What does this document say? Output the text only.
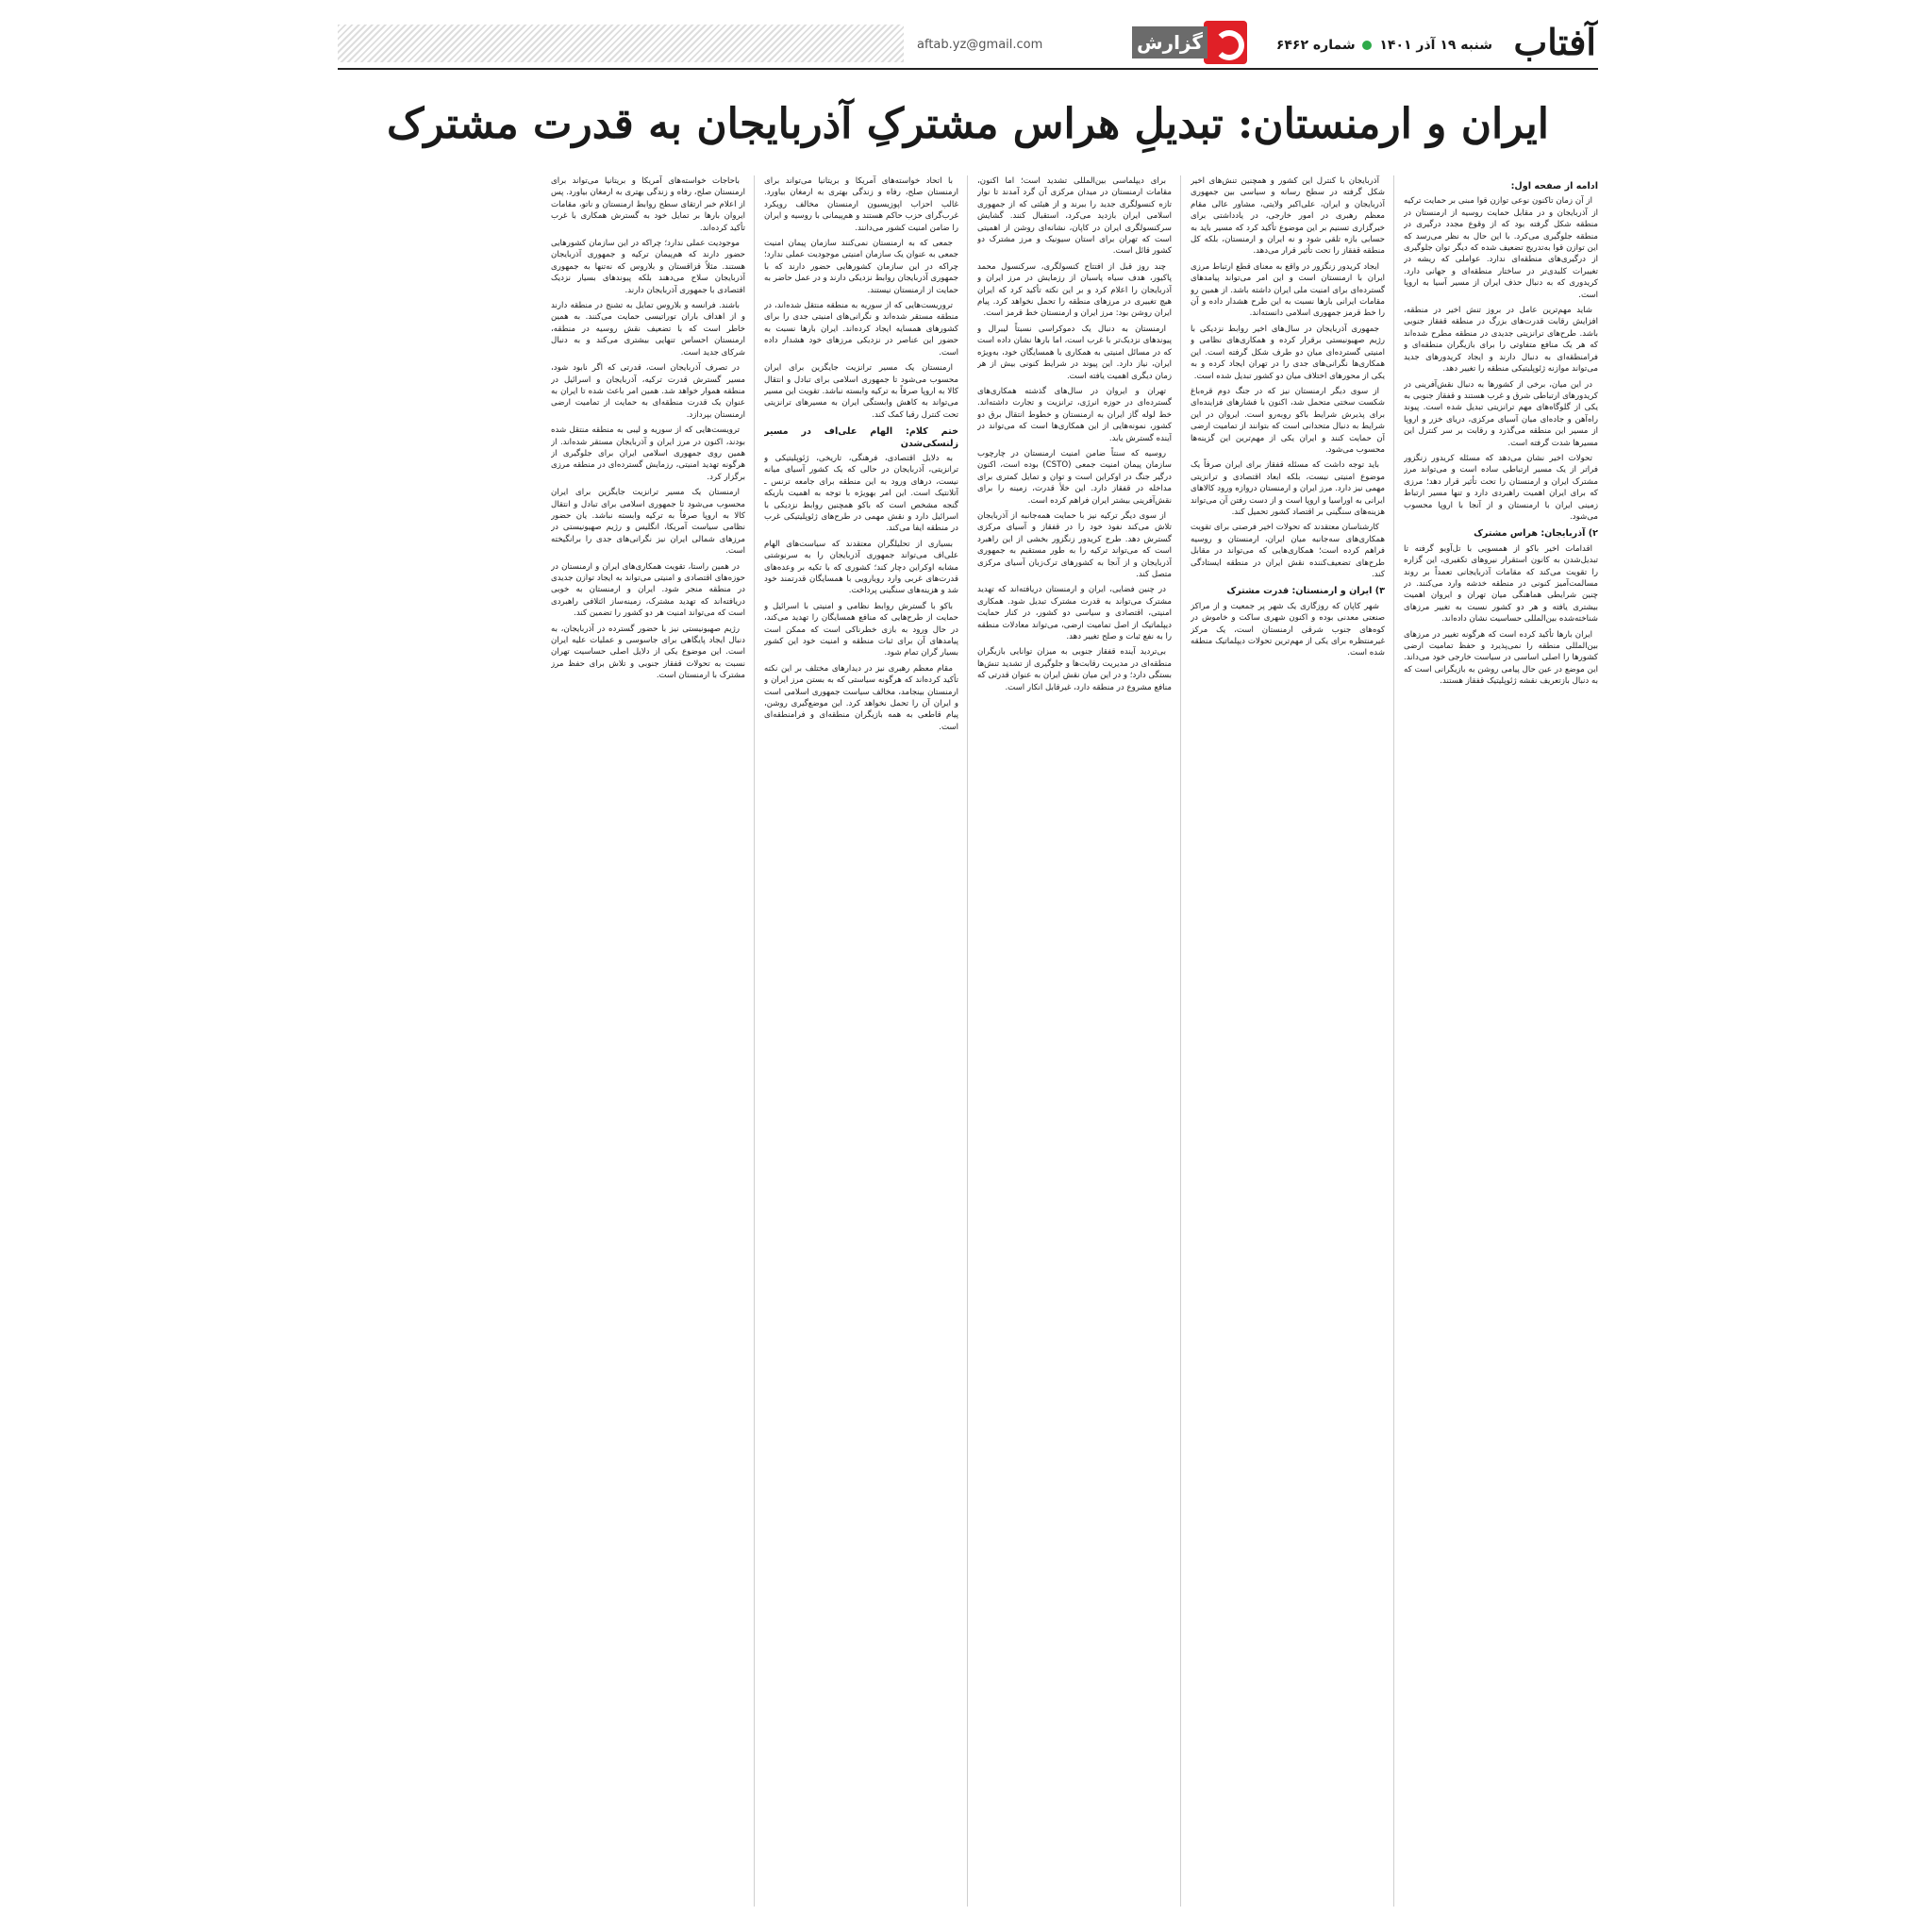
آفتاب
شنبه ۱۹ آذر ۱۴۰۱  شماره ۶۴۶۲
گزارش
aftab.yz@gmail.com
ایران و ارمنستان: تبدیلِ هراس مشترکِ آذربایجان به قدرت مشترک
ادامه از صفحه اول:

از آن زمان تاکنون نوعی توازن قوا مبنی بر حمایت ترکیه از آذربایجان و در مقابل حمایت روسیه از ارمنستان در منطقه شکل گرفته بود که از وقوع مجدد درگیری در منطقه جلوگیری می‌کرد. با این حال به نظر می‌رسد که این توازن قوا به‌تدریج تضعیف شده که دیگر توان جلوگیری از درگیری‌های منطقه‌ای ندارد. عواملی که ریشه در تغییرات کلیدی‌تر در ساختار منطقه‌ای و جهانی دارد. کریدوری که به دنبال حذف ایران از مسیر آسیا به اروپا است.

شاید مهم‌ترین عامل در بروز تنش اخیر در منطقه، افزایش رقابت قدرت‌های بزرگ در منطقه قفقاز جنوبی باشد. طرح‌های ترانزیتی جدیدی در منطقه مطرح شده‌اند که هر یک منافع متفاوتی را برای بازیگران منطقه‌ای و فرامنطقه‌ای به دنبال دارند و ایجاد کریدورهای جدید می‌تواند موازنه ژئوپلیتیکی منطقه را تغییر دهد.

در این میان، برخی از کشورها به دنبال نقش‌آفرینی در کریدورهای ارتباطی شرق و غرب هستند و قفقاز جنوبی به یکی از گلوگاه‌های مهم ترانزیتی تبدیل شده است. پیوند راه‌آهن و جاده‌ای میان آسیای مرکزی، دریای خزر و اروپا از مسیر این منطقه می‌گذرد و رقابت بر سر کنترل این مسیرها شدت گرفته است.

تحولات اخیر نشان می‌دهد که مسئله کریدور زنگزور فراتر از یک مسیر ارتباطی ساده است و می‌تواند مرز مشترک ایران و ارمنستان را تحت تأثیر قرار دهد؛ مرزی که برای ایران اهمیت راهبردی دارد و تنها مسیر ارتباط زمینی ایران با ارمنستان و از آنجا با اروپا محسوب می‌شود.

۲) آذربایجان: هراس مشترک

اقدامات اخیر باکو از همسویی با تل‌آویو گرفته تا تبدیل‌شدن به کانون استقرار نیروهای تکفیری، این گزاره را تقویت می‌کند که مقامات آذربایجانی تعمداً بر روند مسالمت‌آمیز کنونی در منطقه خدشه وارد می‌کنند. در چنین شرایطی هماهنگی میان تهران و ایروان اهمیت بیشتری یافته و هر دو کشور نسبت به تغییر مرزهای شناخته‌شده بین‌المللی حساسیت نشان داده‌اند.

ایران بارها تأکید کرده است که هرگونه تغییر در مرزهای بین‌المللی منطقه را نمی‌پذیرد و حفظ تمامیت ارضی کشورها را اصلی اساسی در سیاست خارجی خود می‌داند. این موضع در عین حال پیامی روشن به بازیگرانی است که به دنبال بازتعریف نقشه ژئوپلیتیک قفقاز هستند.

آذربایجان با کنترل این کشور و همچنین تنش‌های اخیر شکل گرفته در سطح رسانه و سیاسی بین جمهوری آذربایجان و ایران، علی‌اکبر ولایتی، مشاور عالی مقام معظم رهبری در امور خارجی، در یادداشتی برای خبرگزاری تسنیم بر این موضوع تأکید کرد که مسیر باید به حسابی بازه تلقی شود و نه ایران و ارمنستان، بلکه کل منطقه قفقاز را تحت تأثیر قرار می‌دهد.

ایجاد کریدور زنگزور در واقع به معنای قطع ارتباط مرزی ایران با ارمنستان است و این امر می‌تواند پیامدهای گسترده‌ای برای امنیت ملی ایران داشته باشد. از همین رو مقامات ایرانی بارها نسبت به این طرح هشدار داده و آن را خط قرمز جمهوری اسلامی دانسته‌اند.

جمهوری آذربایجان در سال‌های اخیر روابط نزدیکی با رژیم صهیونیستی برقرار کرده و همکاری‌های نظامی و امنیتی گسترده‌ای میان دو طرف شکل گرفته است. این همکاری‌ها نگرانی‌های جدی را در تهران ایجاد کرده و به یکی از محورهای اختلاف میان دو کشور تبدیل شده است.

از سوی دیگر ارمنستان نیز که در جنگ دوم قره‌باغ شکست سختی متحمل شد، اکنون با فشارهای فزاینده‌ای برای پذیرش شرایط باکو روبه‌رو است. ایروان در این شرایط به دنبال متحدانی است که بتوانند از تمامیت ارضی آن حمایت کنند و ایران یکی از مهم‌ترین این گزینه‌ها محسوب می‌شود.

باید توجه داشت که مسئله قفقاز برای ایران صرفاً یک موضوع امنیتی نیست، بلکه ابعاد اقتصادی و ترانزیتی مهمی نیز دارد. مرز ایران و ارمنستان دروازه ورود کالاهای ایرانی به اوراسیا و اروپا است و از دست رفتن آن می‌تواند هزینه‌های سنگینی بر اقتصاد کشور تحمیل کند.

کارشناسان معتقدند که تحولات اخیر فرصتی برای تقویت همکاری‌های سه‌جانبه میان ایران، ارمنستان و روسیه فراهم کرده است؛ همکاری‌هایی که می‌تواند در مقابل طرح‌های تضعیف‌کننده نقش ایران در منطقه ایستادگی کند.

۳) ایران و ارمنستان: قدرت مشترک

شهر کاپان که روزگاری یک شهر پر جمعیت و از مراکز صنعتی معدنی بوده و اکنون شهری ساکت و خاموش در کوه‌های جنوب شرقی ارمنستان است، یک مرکز غیرمنتظره برای یکی از مهم‌ترین تحولات دیپلماتیک منطقه شده است.

برای دیپلماسی بین‌المللی تشدید است؛ اما اکنون، مقامات ارمنستان در میدان مرکزی آن گرد آمدند تا نوار تازه کنسولگری جدید را ببرند و از هیئتی که از جمهوری اسلامی ایران بازدید می‌کرد، استقبال کنند. گشایش سرکنسولگری ایران در کاپان، نشانه‌ای روشن از اهمیتی است که تهران برای استان سیونیک و مرز مشترک دو کشور قائل است.

چند روز قبل از افتتاح کنسولگری، سرکنسول محمد پاکیور، هدف سیاه پاسبان از رزمایش در مرز ایران و آذربایجان را اعلام کرد و بر این نکته تأکید کرد که ایران هیچ تغییری در مرزهای منطقه را تحمل نخواهد کرد. پیام ایران روشن بود: مرز ایران و ارمنستان خط قرمز است.

ارمنستان به دنبال یک دموکراسی نسبتاً لیبرال و پیوندهای نزدیک‌تر با غرب است، اما بارها نشان داده است که در مسائل امنیتی به همکاری با همسایگان خود، به‌ویژه ایران، نیاز دارد. این پیوند در شرایط کنونی بیش از هر زمان دیگری اهمیت یافته است.

تهران و ایروان در سال‌های گذشته همکاری‌های گسترده‌ای در حوزه انرژی، ترانزیت و تجارت داشته‌اند. خط لوله گاز ایران به ارمنستان و خطوط انتقال برق دو کشور، نمونه‌هایی از این همکاری‌ها است که می‌تواند در آینده گسترش یابد.

روسیه که سنتاً ضامن امنیت ارمنستان در چارچوب سازمان پیمان امنیت جمعی (CSTO) بوده است، اکنون درگیر جنگ در اوکراین است و توان و تمایل کمتری برای مداخله در قفقاز دارد. این خلأ قدرت، زمینه را برای نقش‌آفرینی بیشتر ایران فراهم کرده است.

از سوی دیگر ترکیه نیز با حمایت همه‌جانبه از آذربایجان تلاش می‌کند نفوذ خود را در قفقاز و آسیای مرکزی گسترش دهد. طرح کریدور زنگزور بخشی از این راهبرد است که می‌تواند ترکیه را به طور مستقیم به جمهوری آذربایجان و از آنجا به کشورهای ترک‌زبان آسیای مرکزی متصل کند.

در چنین فضایی، ایران و ارمنستان دریافته‌اند که تهدید مشترک می‌تواند به قدرت مشترک تبدیل شود. همکاری امنیتی، اقتصادی و سیاسی دو کشور، در کنار حمایت دیپلماتیک از اصل تمامیت ارضی، می‌تواند معادلات منطقه را به نفع ثبات و صلح تغییر دهد.

بی‌تردید آینده قفقاز جنوبی به میزان توانایی بازیگران منطقه‌ای در مدیریت رقابت‌ها و جلوگیری از تشدید تنش‌ها بستگی دارد؛ و در این میان نقش ایران به عنوان قدرتی که منافع مشروع در منطقه دارد، غیرقابل انکار است.

با اتحاد خواسته‌های آمریکا و بریتانیا می‌تواند برای ارمنستان صلح، رفاه و زندگی بهتری به ارمغان بیاورد. غالب احزاب اپوزیسیون ارمنستان مخالف رویکرد غرب‌گرای حزب حاکم هستند و هم‌پیمانی با روسیه و ایران را ضامن امنیت کشور می‌دانند.

جمعی که به ارمنستان نمی‌کنند سازمان پیمان امنیت جمعی به عنوان یک سازمان امنیتی موجودیت عملی ندارد؛ چراکه در این سازمان کشورهایی حضور دارند که با جمهوری آذربایجان روابط نزدیکی دارند و در عمل حاضر به حمایت از ارمنستان نیستند.

تروریست‌هایی که از سوریه به منطقه منتقل شده‌اند، در منطقه مستقر شده‌اند و نگرانی‌های امنیتی جدی را برای کشورهای همسایه ایجاد کرده‌اند. ایران بارها نسبت به حضور این عناصر در نزدیکی مرزهای خود هشدار داده است.

ارمنستان یک مسیر ترانزیت جایگزین برای ایران محسوب می‌شود تا جمهوری اسلامی برای تبادل و انتقال کالا به اروپا صرفاً به ترکیه وابسته نباشد. تقویت این مسیر می‌تواند به کاهش وابستگی ایران به مسیرهای ترانزیتی تحت کنترل رقبا کمک کند.

ختم کلام: الهام علی‌اف در مسیر زلنسکی‌شدن

به دلایل اقتصادی، فرهنگی، تاریخی، ژئوپلیتیکی و ترانزیتی، آذربایجان در حالی که یک کشور آسیای میانه نیست، درهای ورود به این منطقه برای جامعه ترنس ـ آتلانتیک است. این امر بهویژه با توجه به اهمیت باریکه گنجه مشخص است که باکو همچنین روابط نزدیکی با اسرائیل دارد و نقش مهمی در طرح‌های ژئوپلیتیکی غرب در منطقه ایفا می‌کند.

بسیاری از تحلیلگران معتقدند که سیاست‌های الهام علی‌اف می‌تواند جمهوری آذربایجان را به سرنوشتی مشابه اوکراین دچار کند؛ کشوری که با تکیه بر وعده‌های قدرت‌های غربی وارد رویارویی با همسایگان قدرتمند خود شد و هزینه‌های سنگینی پرداخت.

باکو با گسترش روابط نظامی و امنیتی با اسرائیل و حمایت از طرح‌هایی که منافع همسایگان را تهدید می‌کند، در حال ورود به بازی خطرناکی است که ممکن است پیامدهای آن برای ثبات منطقه و امنیت خود این کشور بسیار گران تمام شود.

مقام معظم رهبری نیز در دیدارهای مختلف بر این نکته تأکید کرده‌اند که هرگونه سیاستی که به بستن مرز ایران و ارمنستان بینجامد، مخالف سیاست جمهوری اسلامی است و ایران آن را تحمل نخواهد کرد. این موضع‌گیری روشن، پیام قاطعی به همه بازیگران منطقه‌ای و فرامنطقه‌ای است.

باحاجات خواسته‌های آمریکا و بریتانیا می‌تواند برای ارمنستان صلح، رفاه و زندگی بهتری به ارمغان بیاورد. پس از اعلام خبر ارتقای سطح روابط ارمنستان و ناتو، مقامات ایروان بارها بر تمایل خود به گسترش همکاری با غرب تأکید کرده‌اند.

موجودیت عملی ندارد؛ چراکه در این سازمان کشورهایی حضور دارند که هم‌پیمان ترکیه و جمهوری آذربایجان هستند. مثلاً قزاقستان و بلاروس که نه‌تنها به جمهوری آذربایجان سلاح می‌دهند بلکه پیوندهای بسیار نزدیک اقتصادی با جمهوری آذربایجان دارند.

باشند. فرانسه و بلاروس تمایل به تشنج در منطقه دارند و از اهداف باران توراتیسی حمایت می‌کنند. به همین خاطر است که با تضعیف نقش روسیه در منطقه، ارمنستان احساس تنهایی بیشتری می‌کند و به دنبال شرکای جدید است.

در تصرف آذربایجان است، قدرتی که اگر نابود شود، مسیر گسترش قدرت ترکیه، آذربایجان و اسرائیل در منطقه هموار خواهد شد. همین امر باعث شده تا ایران به عنوان یک قدرت منطقه‌ای به حمایت از تمامیت ارضی ارمنستان بپردازد.

ترویست‌هایی که از سوریه و لیبی به منطقه منتقل شده بودند، اکنون در مرز ایران و آذربایجان مستقر شده‌اند. از همین روی جمهوری اسلامی ایران برای جلوگیری از هرگونه تهدید امنیتی، رزمایش گسترده‌ای در منطقه مرزی برگزار کرد.

ارمنستان یک مسیر ترانزیت جایگزین برای ایران محسوب می‌شود تا جمهوری اسلامی برای تبادل و انتقال کالا به اروپا صرفاً به ترکیه وابسته نباشد. یان حضور نظامی سیاست آمریکا، انگلیس و رژیم صهیونیستی در مرزهای شمالی ایران نیز نگرانی‌های جدی را برانگیخته است.

در همین راستا، تقویت همکاری‌های ایران و ارمنستان در حوزه‌های اقتصادی و امنیتی می‌تواند به ایجاد توازن جدیدی در منطقه منجر شود. ایران و ارمنستان به خوبی دریافته‌اند که تهدید مشترک، زمینه‌ساز ائتلافی راهبردی است که می‌تواند امنیت هر دو کشور را تضمین کند.

رژیم صهیونیستی نیز با حضور گسترده در آذربایجان، به دنبال ایجاد پایگاهی برای جاسوسی و عملیات علیه ایران است. این موضوع یکی از دلایل اصلی حساسیت تهران نسبت به تحولات قفقاز جنوبی و تلاش برای حفظ مرز مشترک با ارمنستان است.
